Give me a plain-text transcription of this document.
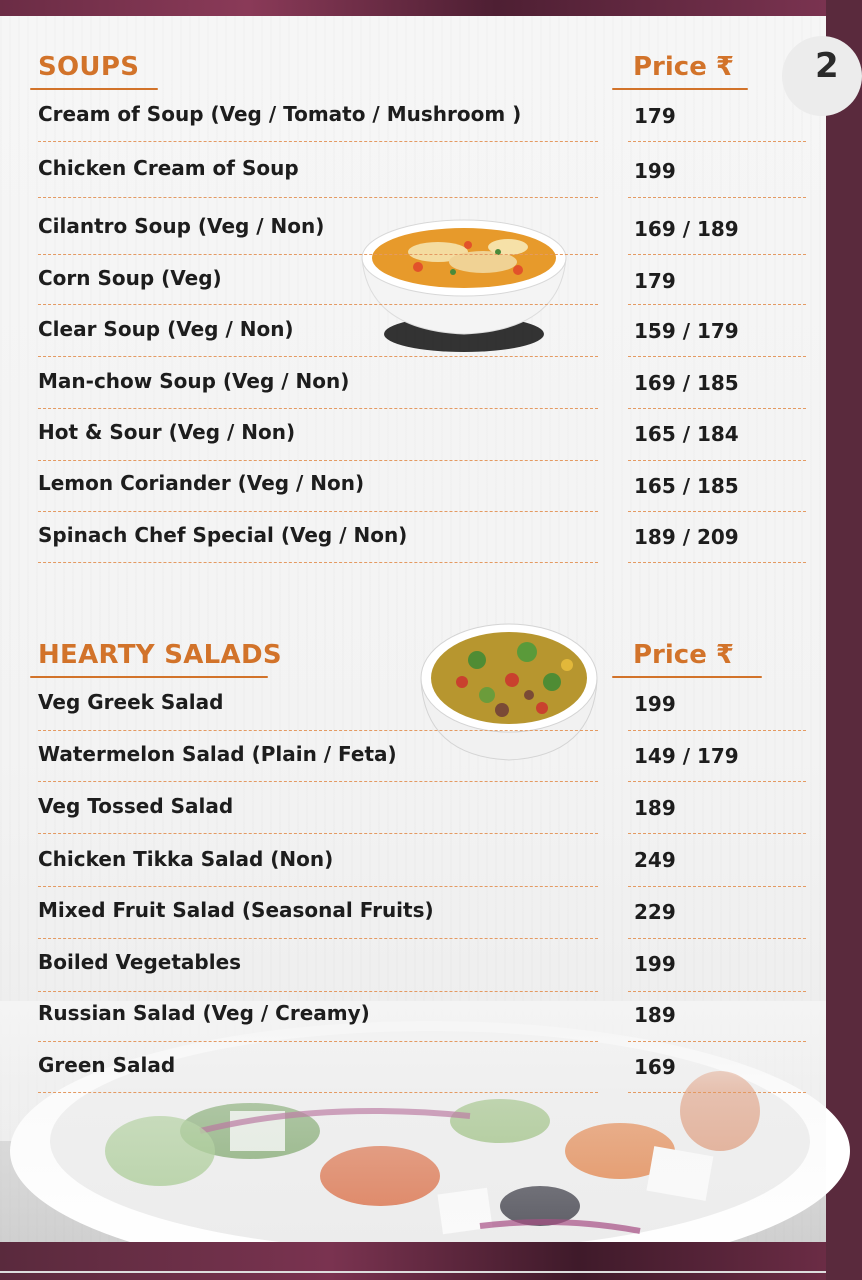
2
SOUPS	Price ₹
Cream of Soup (Veg / Tomato / Mushroom )	179
Chicken Cream of Soup	199
Cilantro Soup (Veg / Non)	169 / 189
Corn Soup (Veg)	179
Clear Soup (Veg / Non)	159 / 179
Man-chow Soup (Veg / Non)	169 / 185
Hot & Sour (Veg / Non)	165 / 184
Lemon Coriander (Veg / Non)	165 / 185
Spinach Chef Special (Veg / Non)	189 / 209
HEARTY SALADS	Price ₹
Veg Greek Salad	199
Watermelon Salad (Plain / Feta)	149 / 179
Veg Tossed Salad	189
Chicken Tikka Salad (Non)	249
Mixed Fruit Salad (Seasonal Fruits)	229
Boiled Vegetables	199
Russian Salad (Veg / Creamy)	189
Green Salad	169
